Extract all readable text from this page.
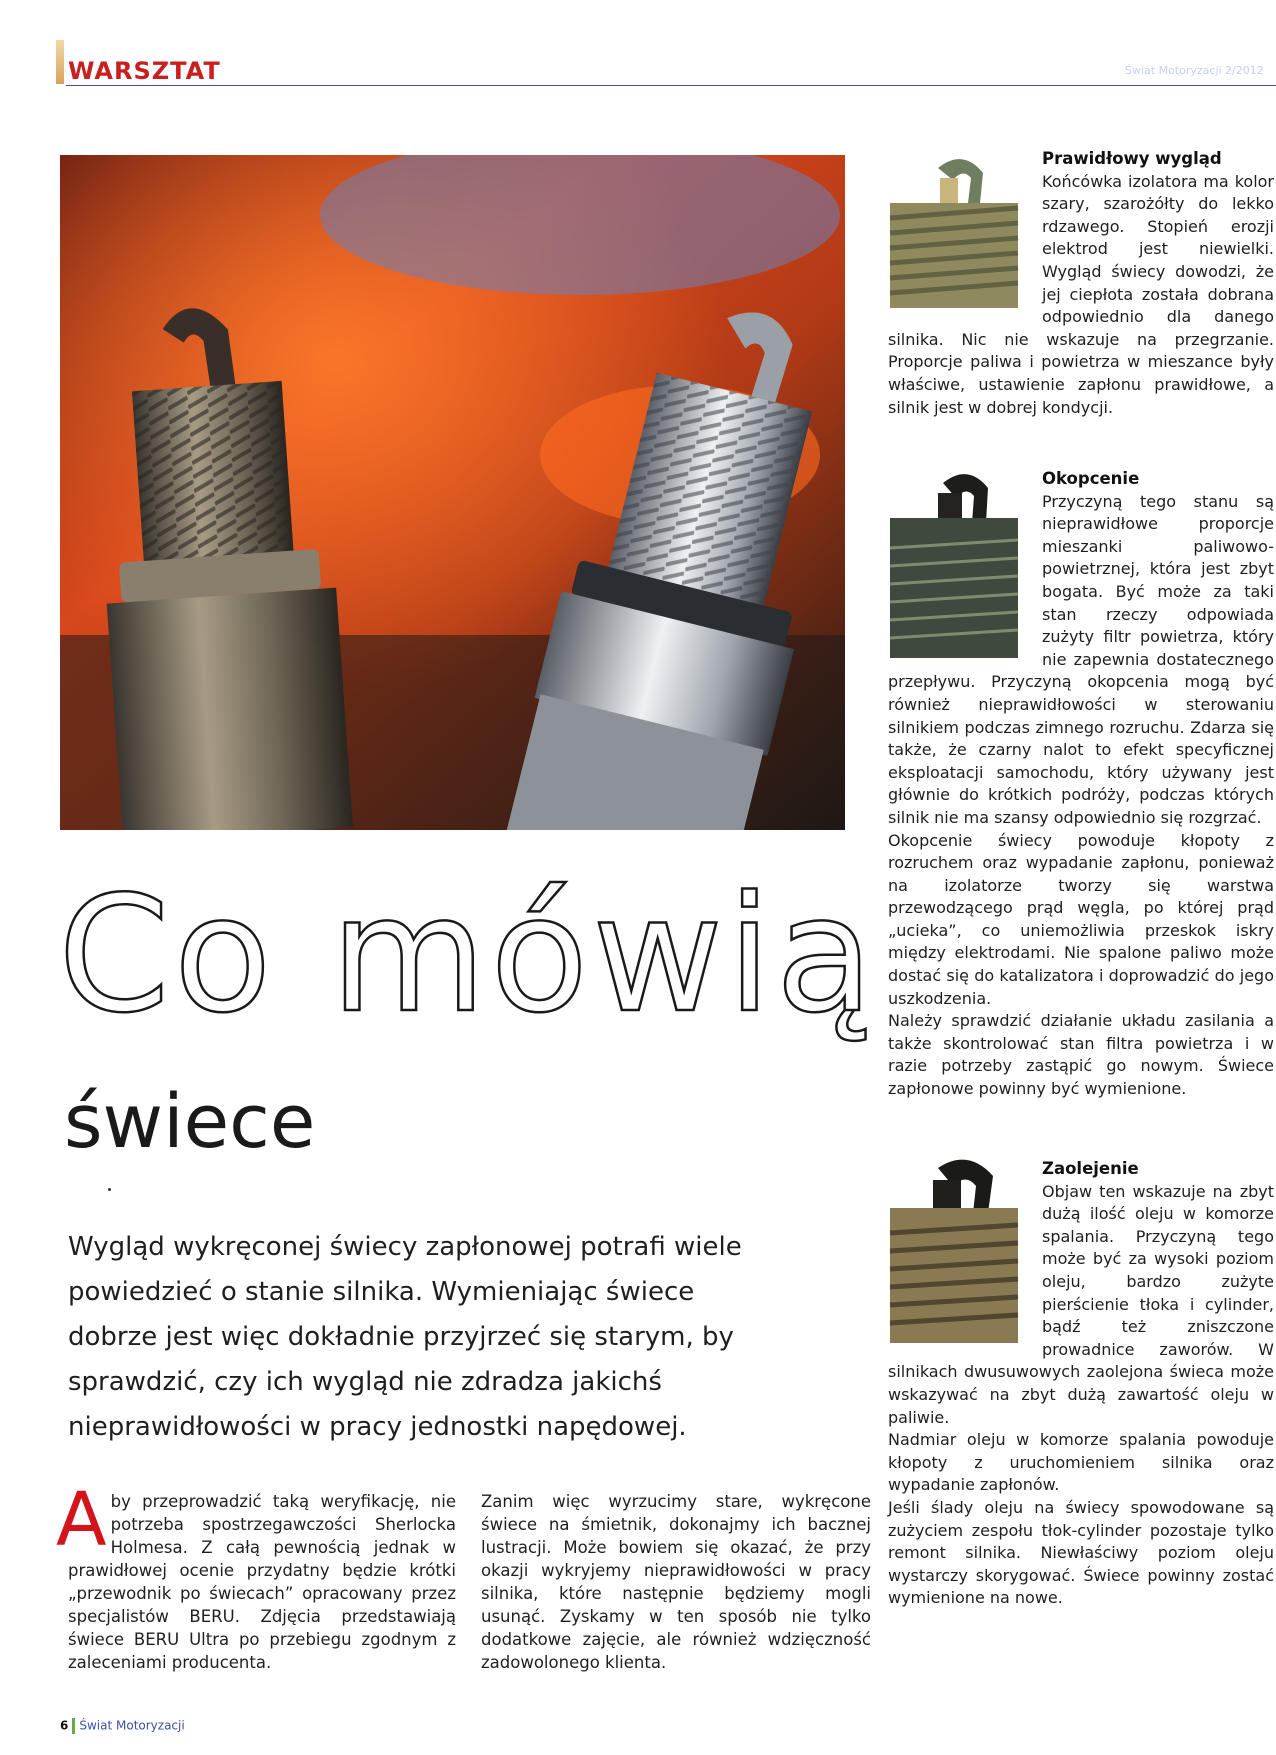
WARSZTAT	Świat Motoryzacji 2/2012
Co mówią
świece
Wygląd wykręconej świecy zapłonowej potrafi wiele powiedzieć o stanie silnika. Wymieniając świece dobrze jest więc dokładnie przyjrzeć się starym, by sprawdzić, czy ich wygląd nie zdradza jakichś nieprawidłowości w pracy jednostki napędowej.
A by przeprowadzić taką weryfikację, nie potrzeba spostrzegawczości Sherlocka Holmesa. Z całą pewnością jednak w prawidłowej ocenie przydatny będzie krótki „przewodnik po świecach” opracowany przez specjalistów BERU. Zdjęcia przedstawiają świece BERU Ultra po przebiegu zgodnym z zaleceniami producenta.
Zanim więc wyrzucimy stare, wykręcone świece na śmietnik, dokonajmy ich bacznej lustracji. Może bowiem się okazać, że przy okazji wykryjemy nieprawidłowości w pracy silnika, które następnie będziemy mogli usunąć. Zyskamy w ten sposób nie tylko dodatkowe zajęcie, ale również wdzięczność zadowolonego klienta.

Prawidłowy wygląd

Końcówka izolatora ma kolor szary, szarożółty do lekko rdzawego. Stopień erozji elektrod jest niewielki. Wygląd świecy dowodzi, że jej ciepłota została dobrana odpowiednio dla danego silnika. Nic nie wskazuje na przegrzanie. Proporcje paliwa i powietrza w mieszance były właściwe, ustawienie zapłonu prawidłowe, a silnik jest w dobrej kondycji.

Okopcenie

Przyczyną tego stanu są nieprawidłowe proporcje mieszanki paliwowo-powietrznej, która jest zbyt bogata. Być może za taki stan rzeczy odpowiada zużyty filtr powietrza, który nie zapewnia dostatecznego przepływu. Przyczyną okopcenia mogą być również nieprawidłowości w sterowaniu silnikiem podczas zimnego rozruchu. Zdarza się także, że czarny nalot to efekt specyficznej eksploatacji samochodu, który używany jest głównie do krótkich podróży, podczas których silnik nie ma szansy odpowiednio się rozgrzać.

Okopcenie świecy powoduje kłopoty z rozruchem oraz wypadanie zapłonu, ponieważ na izolatorze tworzy się warstwa przewodzącego prąd węgla, po której prąd „ucieka”, co uniemożliwia przeskok iskry między elektrodami. Nie spalone paliwo może dostać się do katalizatora i doprowadzić do jego uszkodzenia.

Należy sprawdzić działanie układu zasilania a także skontrolować stan filtra powietrza i w razie potrzeby zastąpić go nowym. Świece zapłonowe powinny być wymienione.

Zaolejenie

Objaw ten wskazuje na zbyt dużą ilość oleju w komorze spalania. Przyczyną tego może być za wysoki poziom oleju, bardzo zużyte pierścienie tłoka i cylinder, bądź też zniszczone prowadnice zaworów. W silnikach dwusuwowych zaolejona świeca może wskazywać na zbyt dużą zawartość oleju w paliwie.

Nadmiar oleju w komorze spalania powoduje kłopoty z uruchomieniem silnika oraz wypadanie zapłonów.

Jeśli ślady oleju na świecy spowodowane są zużyciem zespołu tłok-cylinder pozostaje tylko remont silnika. Niewłaściwy poziom oleju wystarczy skorygować. Świece powinny zostać wymienione na nowe.

6 Świat Motoryzacji
